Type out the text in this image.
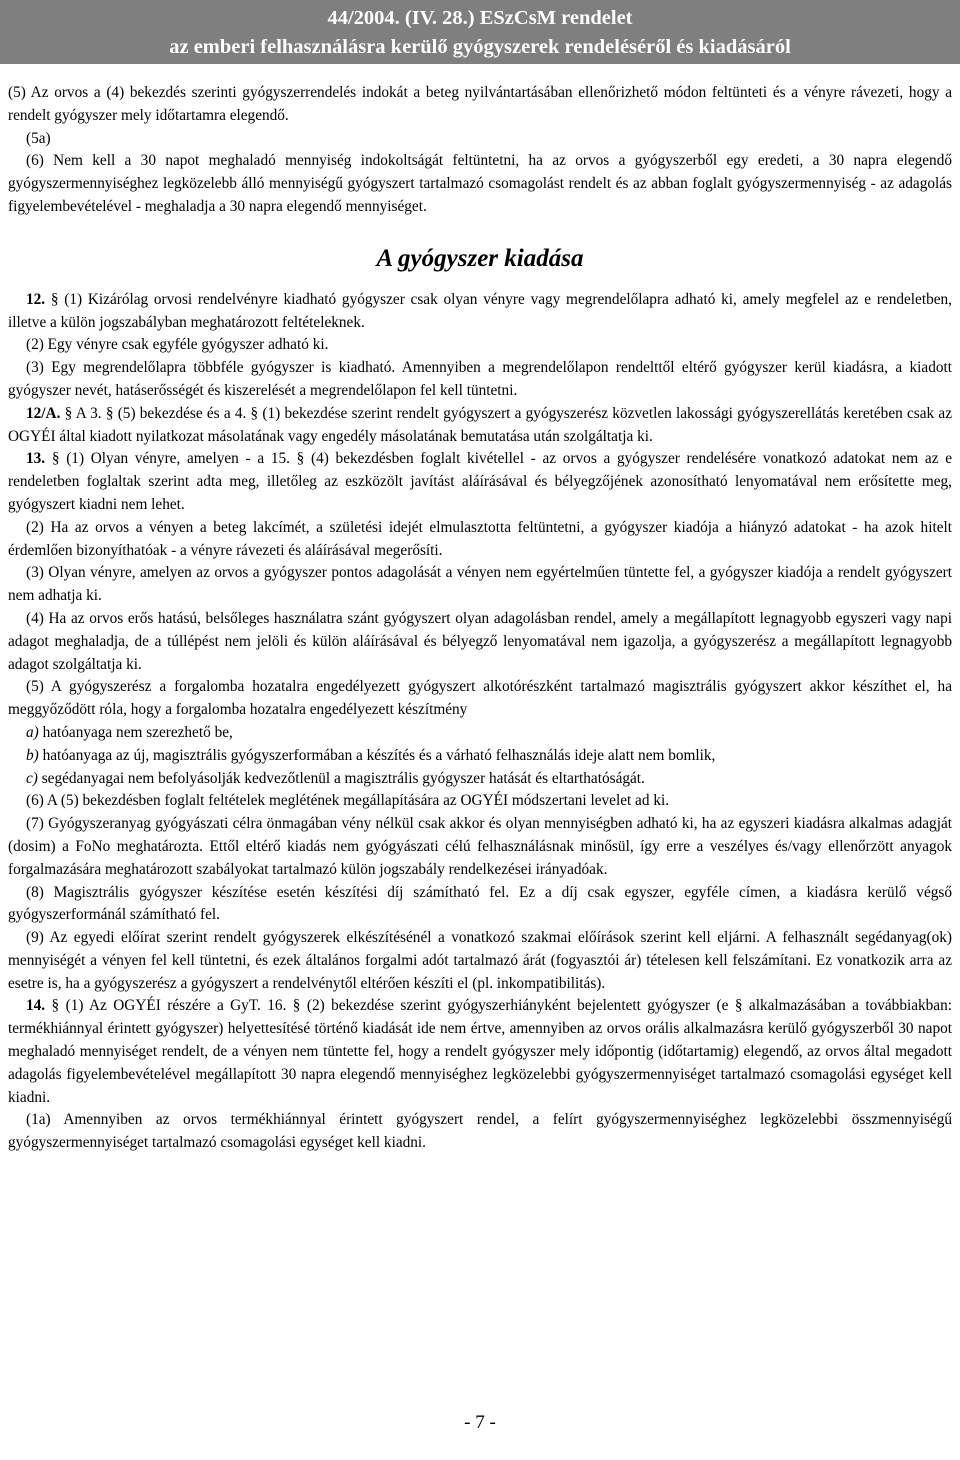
44/2004. (IV. 28.) ESzCsM rendelet
az emberi felhasználásra kerülő gyógyszerek rendeléséről és kiadásáról

(5) Az orvos a (4) bekezdés szerinti gyógyszerrendelés indokát a beteg nyilvántartásában ellenőrizhető módon feltünteti és a vényre rávezeti, hogy a rendelt gyógyszer mely időtartamra elegendő.

(5a)

(6) Nem kell a 30 napot meghaladó mennyiség indokoltságát feltüntetni, ha az orvos a gyógyszerből egy eredeti, a 30 napra elegendő gyógyszermennyiséghez legközelebb álló mennyiségű gyógyszert tartalmazó csomagolást rendelt és az abban foglalt gyógyszermennyiség - az adagolás figyelembevételével - meghaladja a 30 napra elegendő mennyiséget.

A gyógyszer kiadása

12. § (1) Kizárólag orvosi rendelvényre kiadható gyógyszer csak olyan vényre vagy megrendelőlapra adható ki, amely megfelel az e rendeletben, illetve a külön jogszabályban meghatározott feltételeknek.

(2) Egy vényre csak egyféle gyógyszer adható ki.

(3) Egy megrendelőlapra többféle gyógyszer is kiadható. Amennyiben a megrendelőlapon rendelttől eltérő gyógyszer kerül kiadásra, a kiadott gyógyszer nevét, hatáserősségét és kiszerelését a megrendelőlapon fel kell tüntetni.

12/A. § A 3. § (5) bekezdése és a 4. § (1) bekezdése szerint rendelt gyógyszert a gyógyszerész közvetlen lakossági gyógyszerellátás keretében csak az OGYÉI által kiadott nyilatkozat másolatának vagy engedély másolatának bemutatása után szolgáltatja ki.

13. § (1) Olyan vényre, amelyen - a 15. § (4) bekezdésben foglalt kivétellel - az orvos a gyógyszer rendelésére vonatkozó adatokat nem az e rendeletben foglaltak szerint adta meg, illetőleg az eszközölt javítást aláírásával és bélyegzőjének azonosítható lenyomatával nem erősítette meg, gyógyszert kiadni nem lehet.

(2) Ha az orvos a vényen a beteg lakcímét, a születési idejét elmulasztotta feltüntetni, a gyógyszer kiadója a hiányzó adatokat - ha azok hitelt érdemlően bizonyíthatóak - a vényre rávezeti és aláírásával megerősíti.

(3) Olyan vényre, amelyen az orvos a gyógyszer pontos adagolását a vényen nem egyértelműen tüntette fel, a gyógyszer kiadója a rendelt gyógyszert nem adhatja ki.

(4) Ha az orvos erős hatású, belsőleges használatra szánt gyógyszert olyan adagolásban rendel, amely a megállapított legnagyobb egyszeri vagy napi adagot meghaladja, de a túllépést nem jelöli és külön aláírásával és bélyegző lenyomatával nem igazolja, a gyógyszerész a megállapított legnagyobb adagot szolgáltatja ki.

(5) A gyógyszerész a forgalomba hozatalra engedélyezett gyógyszert alkotórészként tartalmazó magisztrális gyógyszert akkor készíthet el, ha meggyőződött róla, hogy a forgalomba hozatalra engedélyezett készítmény

a) hatóanyaga nem szerezhető be,

b) hatóanyaga az új, magisztrális gyógyszerformában a készítés és a várható felhasználás ideje alatt nem bomlik,

c) segédanyagai nem befolyásolják kedvezőtlenül a magisztrális gyógyszer hatását és eltarthatóságát.

(6) A (5) bekezdésben foglalt feltételek meglétének megállapítására az OGYÉI módszertani levelet ad ki.

(7) Gyógyszeranyag gyógyászati célra önmagában vény nélkül csak akkor és olyan mennyiségben adható ki, ha az egyszeri kiadásra alkalmas adagját (dosim) a FoNo meghatározta. Ettől eltérő kiadás nem gyógyászati célú felhasználásnak minősül, így erre a veszélyes és/vagy ellenőrzött anyagok forgalmazására meghatározott szabályokat tartalmazó külön jogszabály rendelkezései irányadóak.

(8) Magisztrális gyógyszer készítése esetén készítési díj számítható fel. Ez a díj csak egyszer, egyféle címen, a kiadásra kerülő végső gyógyszerformánál számítható fel.

(9) Az egyedi előírat szerint rendelt gyógyszerek elkészítésénél a vonatkozó szakmai előírások szerint kell eljárni. A felhasznált segédanyag(ok) mennyiségét a vényen fel kell tüntetni, és ezek általános forgalmi adót tartalmazó árát (fogyasztói ár) tételesen kell felszámítani. Ez vonatkozik arra az esetre is, ha a gyógyszerész a gyógyszert a rendelvénytől eltérően készíti el (pl. inkompatibilitás).

14. § (1) Az OGYÉI részére a GyT. 16. § (2) bekezdése szerint gyógyszerhiányként bejelentett gyógyszer (e § alkalmazásában a továbbiakban: termékhiánnyal érintett gyógyszer) helyettesítésé történő kiadását ide nem értve, amennyiben az orvos orális alkalmazásra kerülő gyógyszerből 30 napot meghaladó mennyiséget rendelt, de a vényen nem tüntette fel, hogy a rendelt gyógyszer mely időpontig (időtartamig) elegendő, az orvos által megadott adagolás figyelembevételével megállapított 30 napra elegendő mennyiséghez legközelebbi gyógyszermennyiséget tartalmazó csomagolási egységet kell kiadni.

(1a) Amennyiben az orvos termékhiánnyal érintett gyógyszert rendel, a felírt gyógyszermennyiséghez legközelebbi összmennyiségű gyógyszermennyiséget tartalmazó csomagolási egységet kell kiadni.

- 7 -
